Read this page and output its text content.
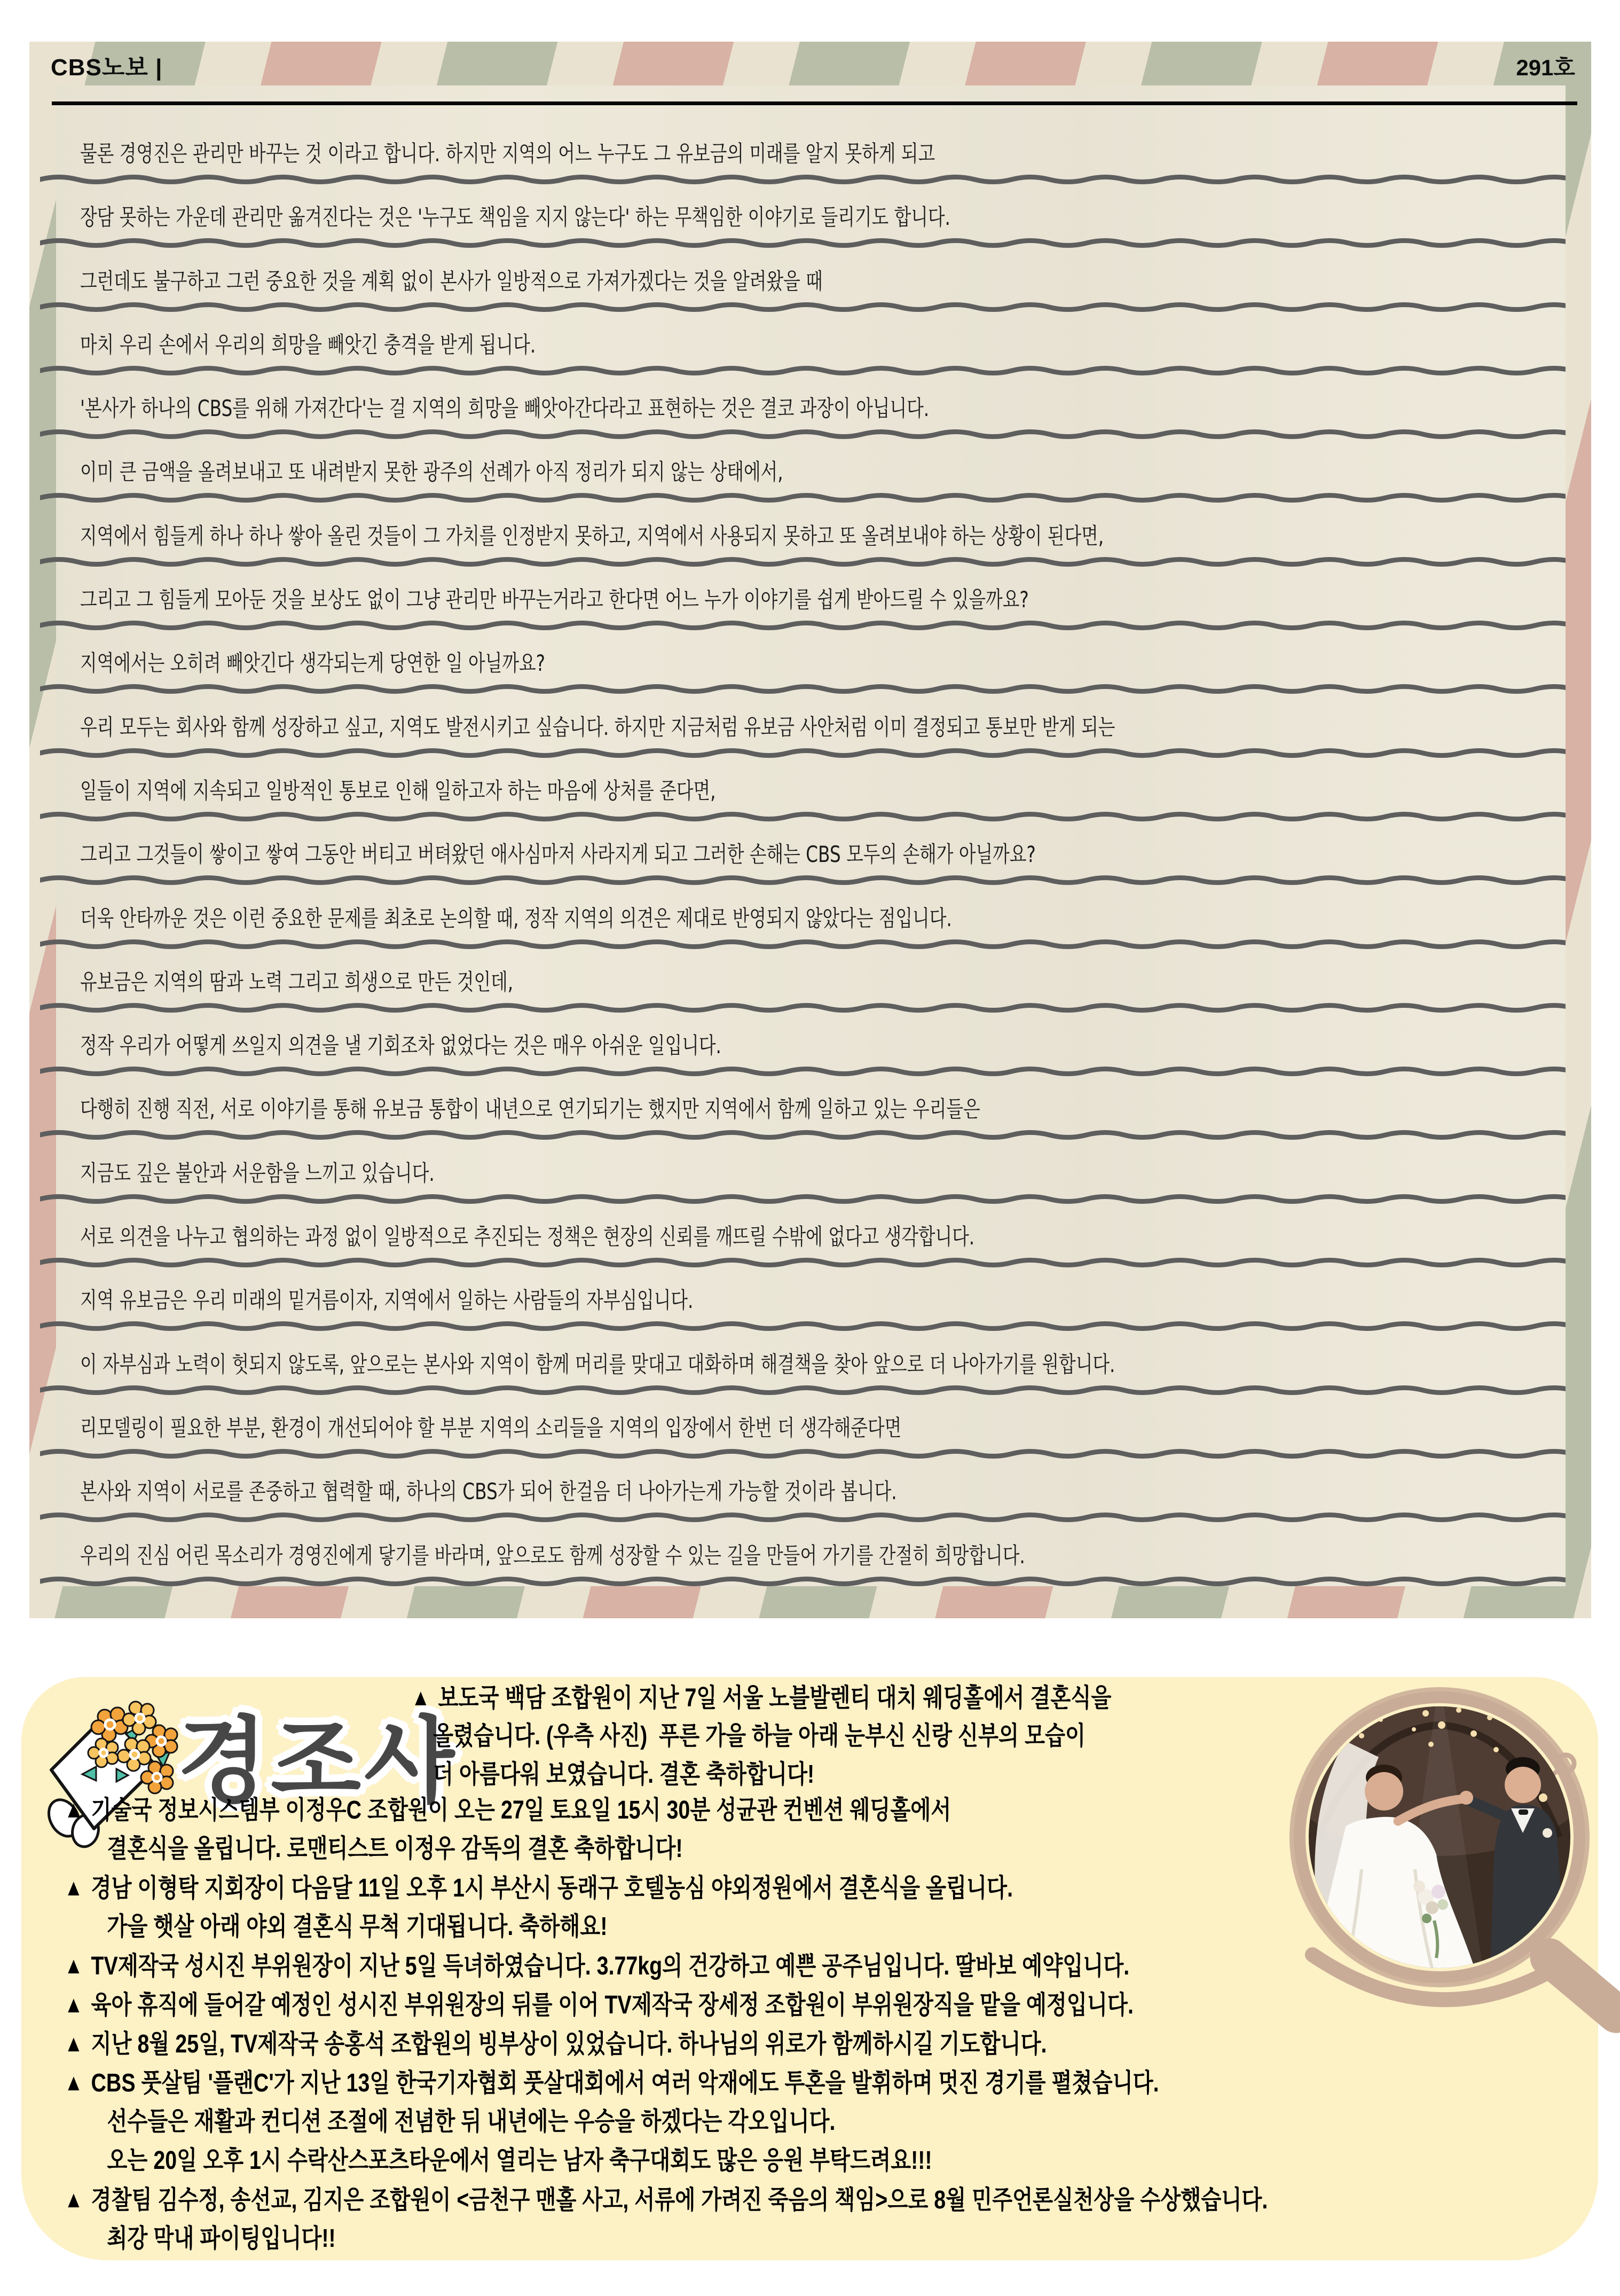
CBS노보 |	291호
물론 경영진은 관리만 바꾸는 것 이라고 합니다. 하지만 지역의 어느 누구도 그 유보금의 미래를 알지 못하게 되고
장담 못하는 가운데 관리만 옮겨진다는 것은 '누구도 책임을 지지 않는다' 하는 무책임한 이야기로 들리기도 합니다.
그런데도 불구하고 그런 중요한 것을 계획 없이 본사가 일방적으로 가져가겠다는 것을 알려왔을 때
마치 우리 손에서 우리의 희망을 빼앗긴 충격을 받게 됩니다.
'본사가 하나의 CBS를 위해 가져간다'는 걸 지역의 희망을 빼앗아간다라고 표현하는 것은 결코 과장이 아닙니다.
이미 큰 금액을 올려보내고 또 내려받지 못한 광주의 선례가 아직 정리가 되지 않는 상태에서,
지역에서 힘들게 하나 하나 쌓아 올린 것들이 그 가치를 인정받지 못하고, 지역에서 사용되지 못하고 또 올려보내야 하는 상황이 된다면,
그리고 그 힘들게 모아둔 것을 보상도 없이 그냥 관리만 바꾸는거라고 한다면 어느 누가 이야기를 쉽게 받아드릴 수 있을까요?
지역에서는 오히려 빼앗긴다 생각되는게 당연한 일 아닐까요?
우리 모두는 회사와 함께 성장하고 싶고, 지역도 발전시키고 싶습니다. 하지만 지금처럼 유보금 사안처럼 이미 결정되고 통보만 받게 되는
일들이 지역에 지속되고 일방적인 통보로 인해 일하고자 하는 마음에 상처를 준다면,
그리고 그것들이 쌓이고 쌓여 그동안 버티고 버텨왔던 애사심마저 사라지게 되고 그러한 손해는 CBS 모두의 손해가 아닐까요?
더욱 안타까운 것은 이런 중요한 문제를 최초로 논의할 때, 정작 지역의 의견은 제대로 반영되지 않았다는 점입니다.
유보금은 지역의 땀과 노력 그리고 희생으로 만든 것인데,
정작 우리가 어떻게 쓰일지 의견을 낼 기회조차 없었다는 것은 매우 아쉬운 일입니다.
다행히 진행 직전, 서로 이야기를 통해 유보금 통합이 내년으로 연기되기는 했지만 지역에서 함께 일하고 있는 우리들은
지금도 깊은 불안과 서운함을 느끼고 있습니다.
서로 의견을 나누고 협의하는 과정 없이 일방적으로 추진되는 정책은 현장의 신뢰를 깨뜨릴 수밖에 없다고 생각합니다.
지역 유보금은 우리 미래의 밑거름이자, 지역에서 일하는 사람들의 자부심입니다.
이 자부심과 노력이 헛되지 않도록, 앞으로는 본사와 지역이 함께 머리를 맞대고 대화하며 해결책을 찾아 앞으로 더 나아가기를 원합니다.
리모델링이 필요한 부분, 환경이 개선되어야 할 부분 지역의 소리들을 지역의 입장에서 한번 더 생각해준다면
본사와 지역이 서로를 존중하고 협력할 때, 하나의 CBS가 되어 한걸음 더 나아가는게 가능할 것이라 봅니다.
우리의 진심 어린 목소리가 경영진에게 닿기를 바라며, 앞으로도 함께 성장할 수 있는 길을 만들어 가기를 간절히 희망합니다.
경조사
▲ 보도국 백담 조합원이 지난 7일 서울 노블발렌티 대치 웨딩홀에서 결혼식을
올렸습니다. (우측 사진)  푸른 가을 하늘 아래 눈부신 신랑 신부의 모습이
더 아름다워 보였습니다. 결혼 축하합니다!
▲ 기술국 정보시스템부 이정우C 조합원이 오는 27일 토요일 15시 30분 성균관 컨벤션 웨딩홀에서
결혼식을 올립니다. 로맨티스트 이정우 감독의 결혼 축하합니다!
▲ 경남 이형탁 지회장이 다음달 11일 오후 1시 부산시 동래구 호텔농심 야외정원에서 결혼식을 올립니다.
가을 햇살 아래 야외 결혼식 무척 기대됩니다. 축하해요!
▲ TV제작국 성시진 부위원장이 지난 5일 득녀하였습니다. 3.77kg의 건강하고 예쁜 공주님입니다. 딸바보 예약입니다.
▲ 육아 휴직에 들어갈 예정인 성시진 부위원장의 뒤를 이어 TV제작국 장세정 조합원이 부위원장직을 맡을 예정입니다.
▲ 지난 8월 25일, TV제작국 송홍석 조합원의 빙부상이 있었습니다. 하나님의 위로가 함께하시길 기도합니다.
▲ CBS 풋살팀 '플랜C'가 지난 13일 한국기자협회 풋살대회에서 여러 악재에도 투혼을 발휘하며 멋진 경기를 펼쳤습니다.
선수들은 재활과 컨디션 조절에 전념한 뒤 내년에는 우승을 하겠다는 각오입니다.
오는 20일 오후 1시 수락산스포츠타운에서 열리는 남자 축구대회도 많은 응원 부탁드려요!!!
▲ 경찰팀 김수정, 송선교, 김지은 조합원이 <금천구 맨홀 사고, 서류에 가려진 죽음의 책임>으로 8월 민주언론실천상을 수상했습니다.
최강 막내 파이팅입니다!!
